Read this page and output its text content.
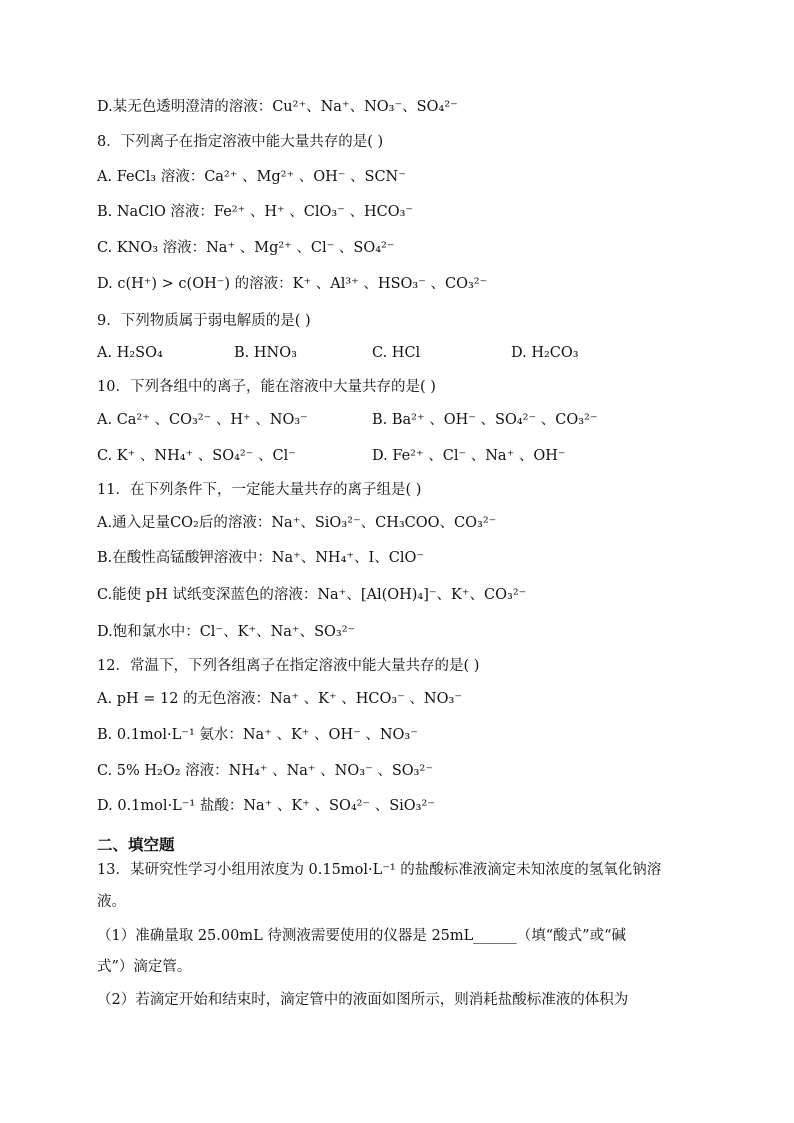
D.某无色透明澄清的溶液：Cu²⁺、Na⁺、NO₃⁻、SO₄²⁻
8．下列离子在指定溶液中能大量共存的是( )
A. FeCl₃ 溶液：Ca²⁺ 、Mg²⁺ 、OH⁻ 、SCN⁻
B. NaClO 溶液：Fe²⁺ 、H⁺ 、ClO₃⁻ 、HCO₃⁻
C. KNO₃ 溶液：Na⁺ 、Mg²⁺ 、Cl⁻ 、SO₄²⁻
D. c(H⁺) > c(OH⁻) 的溶液：K⁺ 、Al³⁺ 、HSO₃⁻ 、CO₃²⁻
9．下列物质属于弱电解质的是( )
A. H₂SO₄	B. HNO₃	C. HCl	D. H₂CO₃
10．下列各组中的离子，能在溶液中大量共存的是( )
A. Ca²⁺ 、CO₃²⁻ 、H⁺ 、NO₃⁻	B. Ba²⁺ 、OH⁻ 、SO₄²⁻ 、CO₃²⁻
C. K⁺ 、NH₄⁺ 、SO₄²⁻ 、Cl⁻	D. Fe²⁺ 、Cl⁻ 、Na⁺ 、OH⁻
11．在下列条件下，一定能大量共存的离子组是( )
A.通入足量CO₂后的溶液：Na⁺、SiO₃²⁻、CH₃COO、CO₃²⁻
B.在酸性高锰酸钾溶液中：Na⁺、NH₄⁺、I、ClO⁻
C.能使 pH 试纸变深蓝色的溶液：Na⁺、[Al(OH)₄]⁻、K⁺、CO₃²⁻
D.饱和氯水中：Cl⁻、K⁺、Na⁺、SO₃²⁻
12．常温下，下列各组离子在指定溶液中能大量共存的是( )
A. pH = 12 的无色溶液：Na⁺ 、K⁺ 、HCO₃⁻ 、NO₃⁻
B. 0.1mol·L⁻¹ 氨水：Na⁺ 、K⁺ 、OH⁻ 、NO₃⁻
C. 5% H₂O₂ 溶液：NH₄⁺ 、Na⁺ 、NO₃⁻ 、SO₃²⁻
D. 0.1mol·L⁻¹ 盐酸：Na⁺ 、K⁺ 、SO₄²⁻ 、SiO₃²⁻
二、填空题
13．某研究性学习小组用浓度为 0.15mol·L⁻¹ 的盐酸标准液滴定未知浓度的氢氧化钠溶
液。
（1）准确量取 25.00mL 待测液需要使用的仪器是 25mL______（填“酸式”或“碱
式”）滴定管。
（2）若滴定开始和结束时，滴定管中的液面如图所示，则消耗盐酸标准液的体积为
